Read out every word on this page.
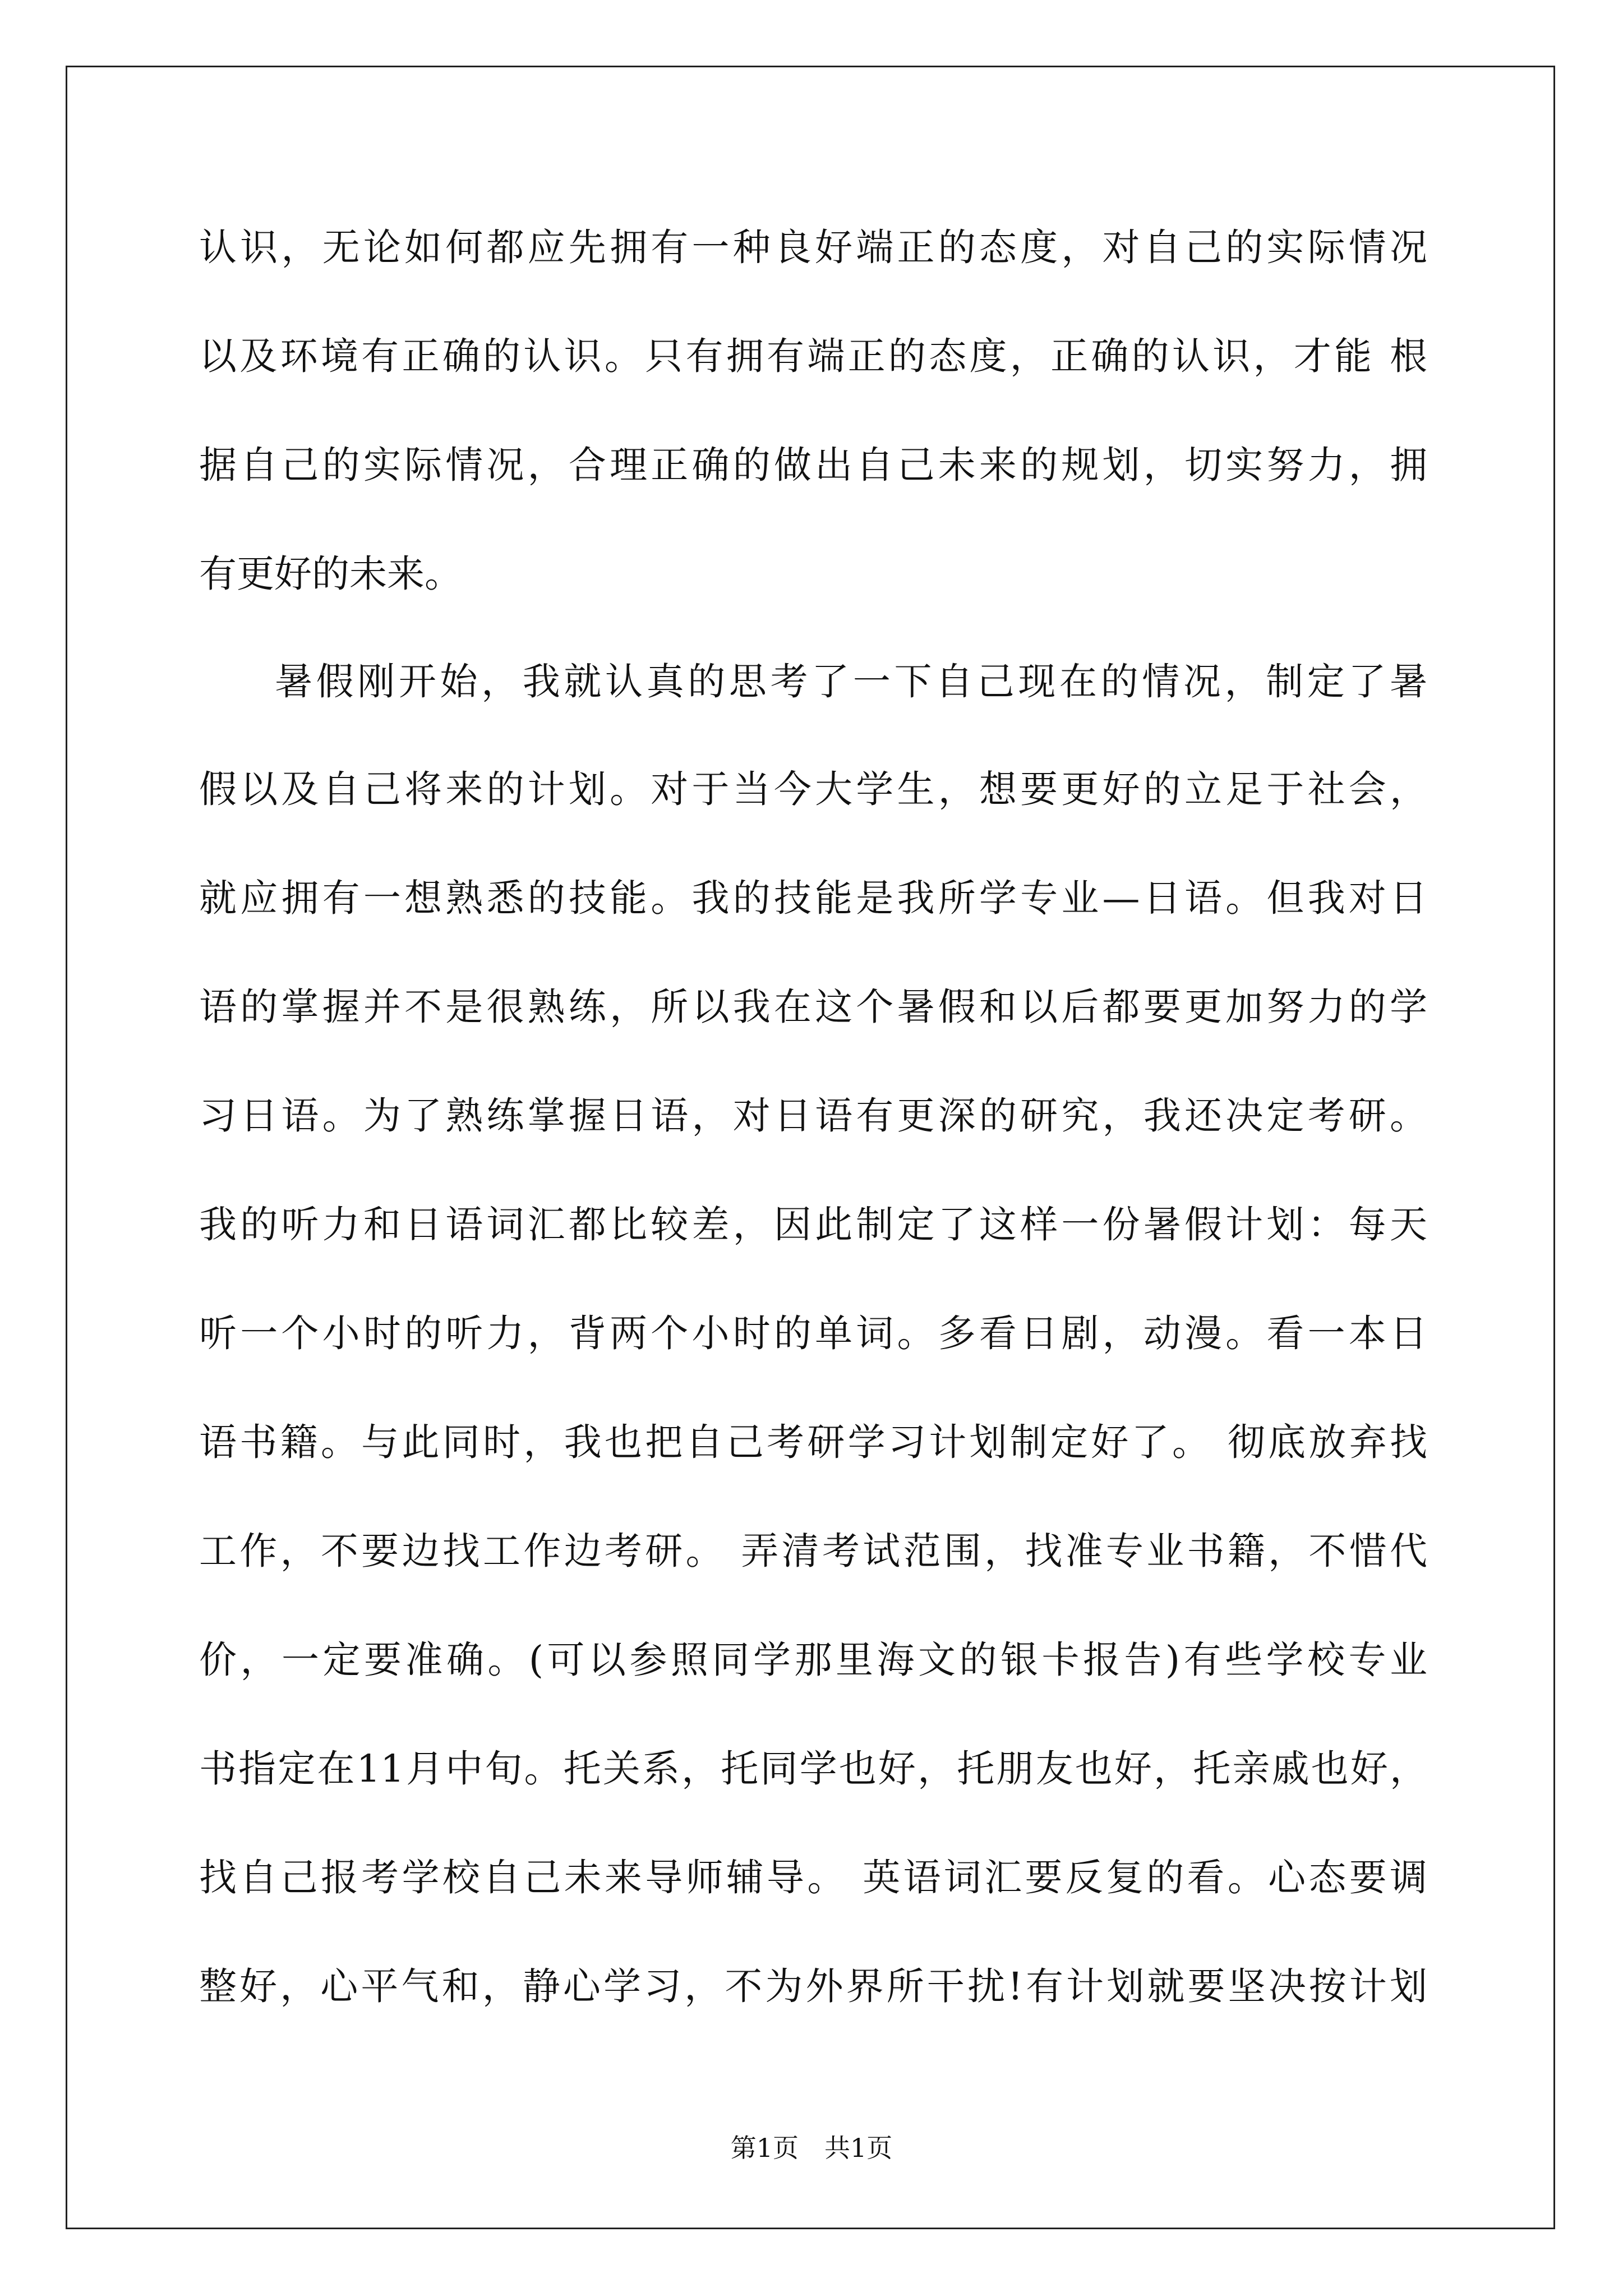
认识，无论如何都应先拥有一种良好端正的态度，对自己的实际情况
以及环境有正确的认识。只有拥有端正的态度，正确的认识，才能 根
据自己的实际情况，合理正确的做出自己未来的规划，切实努力，拥
有更好的未来。
暑假刚开始，我就认真的思考了一下自己现在的情况，制定了暑
假以及自己将来的计划。对于当今大学生，想要更好的立足于社会，
就应拥有一想熟悉的技能。我的技能是我所学专业—日语。但我对日
语的掌握并不是很熟练，所以我在这个暑假和以后都要更加努力的学
习日语。为了熟练掌握日语，对日语有更深的研究，我还决定考研。
我的听力和日语词汇都比较差，因此制定了这样一份暑假计划：每天
听一个小时的听力，背两个小时的单词。多看日剧，动漫。看一本日
语书籍。与此同时，我也把自己考研学习计划制定好了。 彻底放弃找
工作，不要边找工作边考研。 弄清考试范围，找准专业书籍，不惜代
价，一定要准确。(可以参照同学那里海文的银卡报告)有些学校专业
书指定在11月中旬。托关系，托同学也好，托朋友也好，托亲戚也好，
找自己报考学校自己未来导师辅导。 英语词汇要反复的看。心态要调
整好，心平气和，静心学习，不为外界所干扰!有计划就要坚决按计划
第1页　共1页
